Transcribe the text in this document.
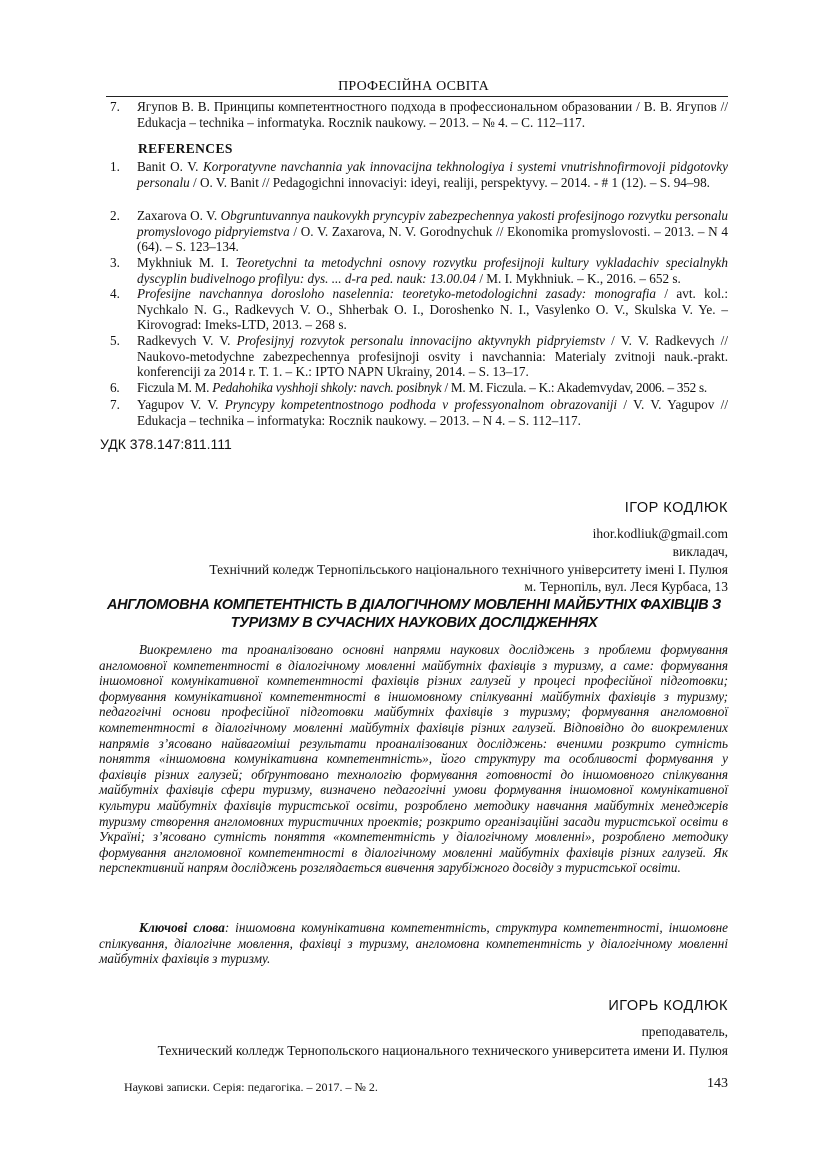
ПРОФЕСІЙНА ОСВІТА
7.	Ягупов В. В. Принципы компетентностного подхода в профессиональном образовании / В. В. Ягупов // Edukacja – technika – informatyka. Rocznik naukowy. – 2013. – № 4. – С. 112–117.
REFERENCES
1.	Banit O. V. Korporatyvne navchannia yak innovacijna tekhnologiya i systemi vnutrishnofirmovoji pidgotovky personalu / O. V. Banit // Pedagogichni innovaciyi: ideyi, realiji, perspektyvy. – 2014. - # 1 (12). – S. 94–98.
2.	Zaxarova O. V. Obgruntuvannya naukovykh pryncypiv zabezpechennya yakosti profesijnogo rozvytku personalu promyslovogo pidpryiemstva / O. V. Zaxarova, N. V. Gorodnychuk // Ekonomika promyslovosti. – 2013. – N 4 (64). – S. 123–134.
3.	Mykhniuk M. I. Teoretychni ta metodychni osnovy rozvytku profesijnoji kultury vykladachiv specialnykh dyscyplin budivelnogo profilyu: dys. ... d-ra ped. nauk: 13.00.04 / M. I. Mykhniuk. – K., 2016. – 652 s.
4.	Profesijne navchannya dorosloho naselennia: teoretyko-metodologichni zasady: monografia / avt. kol.: Nychkalo N. G., Radkevych V. O., Shherbak O. I., Doroshenko N. I., Vasylenko O. V., Skulska V. Ye. – Kirovograd: Imeks-LTD, 2013. – 268 s.
5.	Radkevych V. V. Profesijnyj rozvytok personalu innovacijno aktyvnykh pidpryiemstv / V. V. Radkevych // Naukovo-metodychne zabezpechennya profesijnoji osvity i navchannia: Materialy zvitnoji nauk.-prakt. konferenciji za 2014 r. T. 1. – K.: IPTO NAPN Ukrainy, 2014. – S. 13–17.
6.	Ficzula M. M. Pedahohika vyshhoji shkoly: navch. posibnyk / M. M. Ficzula. – K.: Akademvydav, 2006. – 352 s.
7.	Yagupov V. V. Pryncypy kompetentnostnogo podhoda v professyonalnom obrazovaniji / V. V. Yagupov // Edukacja – technika – informatyka: Rocznik naukowy. – 2013. – N 4. – S. 112–117.
УДК 378.147:811.111
ІГОР КОДЛЮК
ihor.kodliuk@gmail.com
викладач,
Технічний коледж Тернопільського національного технічного університету імені І. Пулюя
м. Тернопіль, вул. Леся Курбаса, 13
АНГЛОМОВНА КОМПЕТЕНТНІСТЬ В ДІАЛОГІЧНОМУ МОВЛЕННІ МАЙБУТНІХ ФАХІВЦІВ З ТУРИЗМУ В СУЧАСНИХ НАУКОВИХ ДОСЛІДЖЕННЯХ
Виокремлено та проаналізовано основні напрями наукових досліджень з проблеми формування англомовної компетентності в діалогічному мовленні майбутніх фахівців з туризму, а саме: формування іншомовної комунікативної компетентності фахівців різних галузей у процесі професійної підготовки; формування комунікативної компетентності в іншомовному спілкуванні майбутніх фахівців з туризму; педагогічні основи професійної підготовки майбутніх фахівців з туризму; формування англомовної компетентності в діалогічному мовленні майбутніх фахівців різних галузей. Відповідно до виокремлених напрямів з’ясовано найвагоміші результати проаналізованих досліджень: вченими розкрито сутність поняття «іншомовна комунікативна компетентність», його структуру та особливості формування у фахівців різних галузей; обґрунтовано технологію формування готовності до іншомовного спілкування майбутніх фахівців сфери туризму, визначено педагогічні умови формування іншомовної комунікативної культури майбутніх фахівців туристської освіти, розроблено методику навчання майбутніх менеджерів туризму створення англомовних туристичних проектів; розкрито організаційні засади туристської освіти в Україні; з’ясовано сутність поняття «компетентність у діалогічному мовленні», розроблено методику формування англомовної компетентності в діалогічному мовленні майбутніх фахівців різних галузей. Як перспективний напрям досліджень розглядається вивчення зарубіжного досвіду з туристської освіти.
Ключові слова: іншомовна комунікативна компетентність, структура компетентності, іншомовне спілкування, діалогічне мовлення, фахівці з туризму, англомовна компетентність у діалогічному мовленні майбутніх фахівців з туризму.
ИГОРЬ КОДЛЮК
преподаватель,
Технический колледж Тернопольского национального технического университета имени И. Пулюя
Наукові записки. Серія: педагогіка. – 2017. – № 2.	143
